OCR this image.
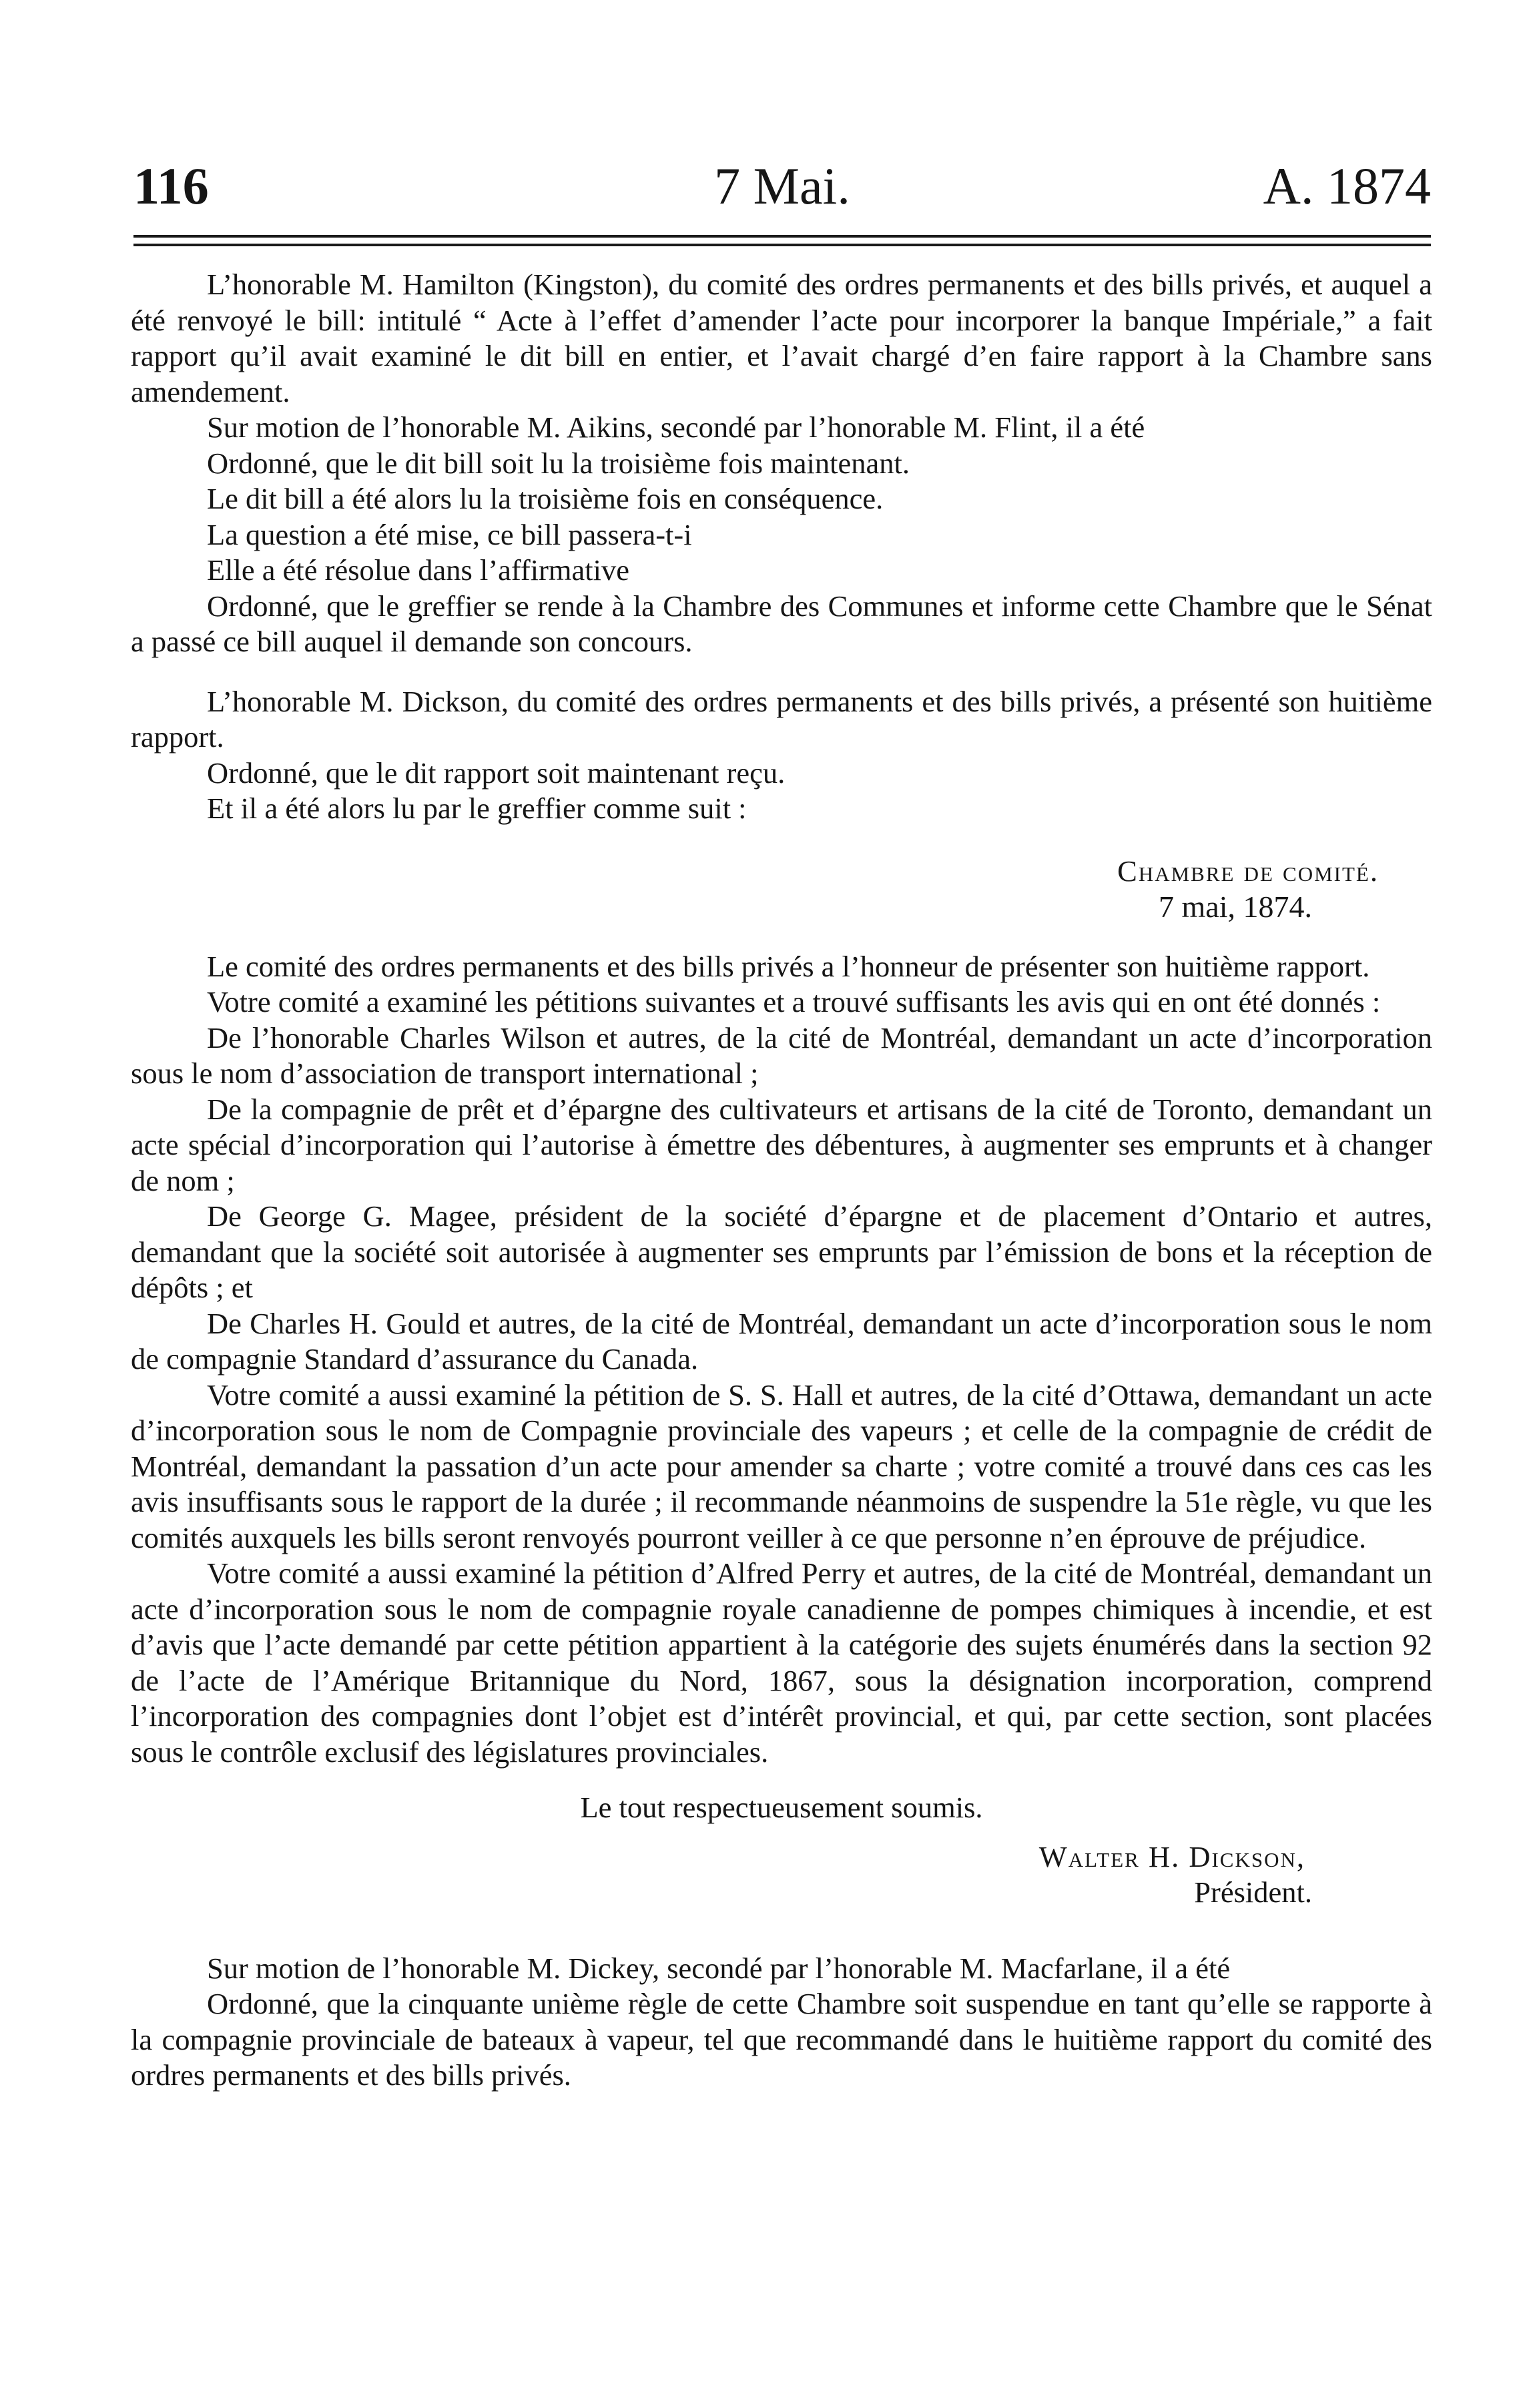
116	7 Mai.	A. 1874

L’honorable M. Hamilton (Kingston), du comité des ordres permanents et des bills privés, et auquel a été renvoyé le bill: intitulé “ Acte à l’effet d’amender l’acte pour incorporer la banque Impériale,” a fait rapport qu’il avait examiné le dit bill en entier, et l’avait chargé d’en faire rapport à la Chambre sans amendement.

Sur motion de l’honorable M. Aikins, secondé par l’honorable M. Flint, il a été

Ordonné, que le dit bill soit lu la troisième fois maintenant.

Le dit bill a été alors lu la troisième fois en conséquence.

La question a été mise, ce bill passera-t-i

Elle a été résolue dans l’affirmative

Ordonné, que le greffier se rende à la Chambre des Communes et informe cette Chambre que le Sénat a passé ce bill auquel il demande son concours.

L’honorable M. Dickson, du comité des ordres permanents et des bills privés, a présenté son huitième rapport.

Ordonné, que le dit rapport soit maintenant reçu.

Et il a été alors lu par le greffier comme suit :

Chambre de comité.

7 mai, 1874.

Le comité des ordres permanents et des bills privés a l’honneur de présenter son huitième rapport.

Votre comité a examiné les pétitions suivantes et a trouvé suffisants les avis qui en ont été donnés :

De l’honorable Charles Wilson et autres, de la cité de Montréal, demandant un acte d’incorporation sous le nom d’association de transport international ;

De la compagnie de prêt et d’épargne des cultivateurs et artisans de la cité de Toronto, demandant un acte spécial d’incorporation qui l’autorise à émettre des débentures, à augmenter ses emprunts et à changer de nom ;

De George G. Magee, président de la société d’épargne et de placement d’Ontario et autres, demandant que la société soit autorisée à augmenter ses emprunts par l’émission de bons et la réception de dépôts ; et

De Charles H. Gould et autres, de la cité de Montréal, demandant un acte d’incorporation sous le nom de compagnie Standard d’assurance du Canada.

Votre comité a aussi examiné la pétition de S. S. Hall et autres, de la cité d’Ottawa, demandant un acte d’incorporation sous le nom de Compagnie provinciale des vapeurs ; et celle de la compagnie de crédit de Montréal, demandant la passation d’un acte pour amender sa charte ; votre comité a trouvé dans ces cas les avis insuffisants sous le rapport de la durée ; il recommande néanmoins de suspendre la 51e règle, vu que les comités auxquels les bills seront renvoyés pourront veiller à ce que personne n’en éprouve de préjudice.

Votre comité a aussi examiné la pétition d’Alfred Perry et autres, de la cité de Montréal, demandant un acte d’incorporation sous le nom de compagnie royale canadienne de pompes chimiques à incendie, et est d’avis que l’acte demandé par cette pétition appartient à la catégorie des sujets énumérés dans la section 92 de l’acte de l’Amérique Britannique du Nord, 1867, sous la désignation incorporation, comprend l’incorporation des compagnies dont l’objet est d’intérêt provincial, et qui, par cette section, sont placées sous le contrôle exclusif des législatures provinciales.

Le tout respectueusement soumis.

Walter H. Dickson,

Président.

Sur motion de l’honorable M. Dickey, secondé par l’honorable M. Macfarlane, il a été

Ordonné, que la cinquante unième règle de cette Chambre soit suspendue en tant qu’elle se rapporte à la compagnie provinciale de bateaux à vapeur, tel que recommandé dans le huitième rapport du comité des ordres permanents et des bills privés.
